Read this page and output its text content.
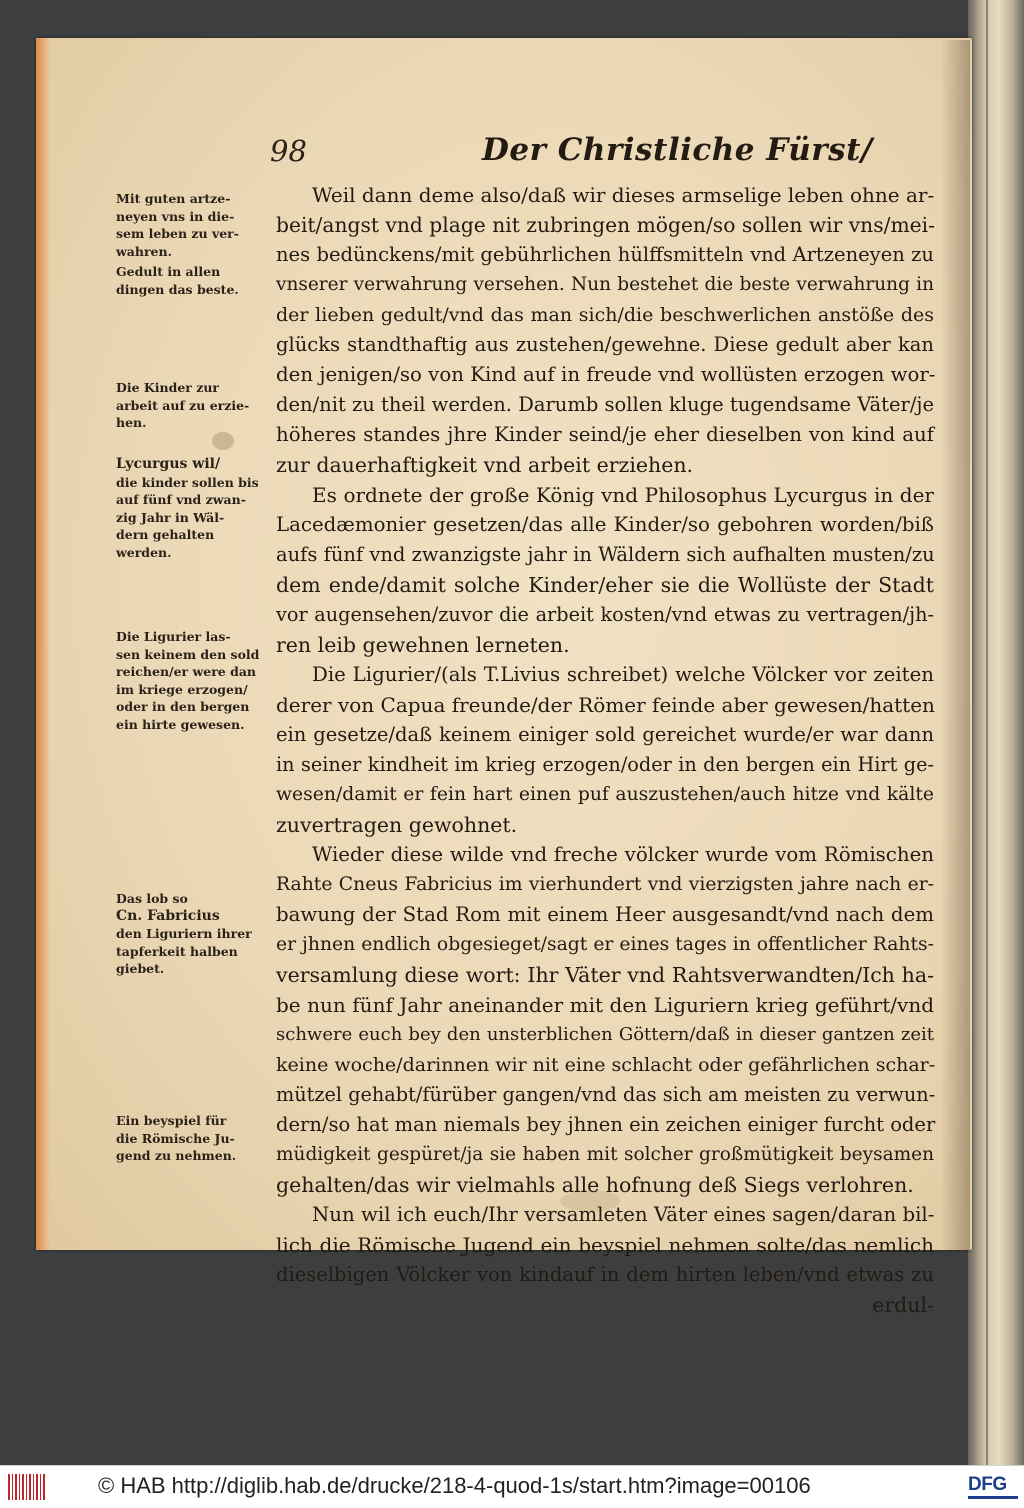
98	Der Christliche Fürst/
Mit guten artze-
neyen vns in die-
sem leben zu ver-
wahren.
Gedult in allen
dingen das beste.
Die Kinder zur
arbeit auf zu erzie-
hen.
Lycurgus wil/
die kinder sollen bis
auf fünf vnd zwan-
zig Jahr in Wäl-
dern gehalten
werden.
Die Ligurier las-
sen keinem den sold
reichen/er were dan
im kriege erzogen/
oder in den bergen
ein hirte gewesen.
Das lob so
Cn. Fabricius
den Liguriern ihrer
tapferkeit halben
giebet.
Ein beyspiel für
die Römische Ju-
gend zu nehmen.
Weil dann deme also/daß wir dieses armselige leben ohne ar-
beit/angst vnd plage nit zubringen mögen/so sollen wir vns/mei-
nes bedünckens/mit gebührlichen hülffsmitteln vnd Artzeneyen zu
vnserer verwahrung versehen. Nun bestehet die beste verwahrung in
der lieben gedult/vnd das man sich/die beschwerlichen anstöße des
glücks standthaftig aus zustehen/gewehne. Diese gedult aber kan
den jenigen/so von Kind auf in freude vnd wollüsten erzogen wor-
den/nit zu theil werden. Darumb sollen kluge tugendsame Väter/je
höheres standes jhre Kinder seind/je eher dieselben von kind auf
zur dauerhaftigkeit vnd arbeit erziehen.
Es ordnete der große König vnd Philosophus Lycurgus in der
Lacedæmonier gesetzen/das alle Kinder/so gebohren worden/biß
aufs fünf vnd zwanzigste jahr in Wäldern sich aufhalten musten/zu
dem ende/damit solche Kinder/eher sie die Wollüste der Stadt
vor augensehen/zuvor die arbeit kosten/vnd etwas zu vertragen/jh-
ren leib gewehnen lerneten.
Die Ligurier/(als T.Livius schreibet) welche Völcker vor zeiten
derer von Capua freunde/der Römer feinde aber gewesen/hatten
ein gesetze/daß keinem einiger sold gereichet wurde/er war dann
in seiner kindheit im krieg erzogen/oder in den bergen ein Hirt ge-
wesen/damit er fein hart einen puf auszustehen/auch hitze vnd kälte
zuvertragen gewohnet.
Wieder diese wilde vnd freche völcker wurde vom Römischen
Rahte Cneus Fabricius im vierhundert vnd vierzigsten jahre nach er-
bawung der Stad Rom mit einem Heer ausgesandt/vnd nach dem
er jhnen endlich obgesieget/sagt er eines tages in offentlicher Rahts-
versamlung diese wort: Ihr Väter vnd Rahtsverwandten/Ich ha-
be nun fünf Jahr aneinander mit den Liguriern krieg geführt/vnd
schwere euch bey den unsterblichen Göttern/daß in dieser gantzen zeit
keine woche/darinnen wir nit eine schlacht oder gefährlichen schar-
mützel gehabt/fürüber gangen/vnd das sich am meisten zu verwun-
dern/so hat man niemals bey jhnen ein zeichen einiger furcht oder
müdigkeit gespüret/ja sie haben mit solcher großmütigkeit beysamen
gehalten/das wir vielmahls alle hofnung deß Siegs verlohren.
Nun wil ich euch/Ihr versamleten Väter eines sagen/daran bil-
lich die Römische Jugend ein beyspiel nehmen solte/das nemlich
dieselbigen Völcker von kindauf in dem hirten leben/vnd etwas zu
erdul-
© HAB http://diglib.hab.de/drucke/218-4-quod-1s/start.htm?image=00106	DFG
